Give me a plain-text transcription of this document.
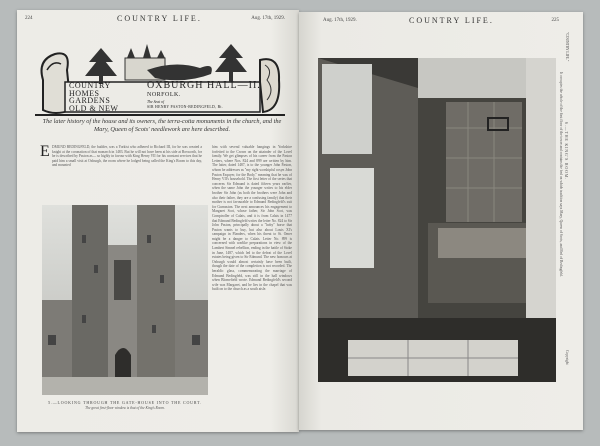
224	COUNTRY LIFE.	Aug. 17th, 1929.
COUNTRY
HOMES
GARDENS
OLD & NEW
OXBURGH HALL—II.
NORFOLK.
The Seat of
SIR HENRY PASTON-BEDINGFELD, Bt.
The later history of the house and its owners, the terra-cotta monuments in the church, and the Mary, Queen of Scots' needlework are here described.
E DMUND BEDINGFELD, the builder, was a Yorkist who adhered to Richard III, for he was created a knight at the coronation of that monarch in 1483. But he will not have been at his side at Bosworth, for he is described by Paston as— so highly in favour with King Henry VII for his constant services that he paid him a small visit at Oxburgh, the room where he lodged being called the King's Room to this day, and mounted
him with several valuable hangings in Yorkshire forfeited to the Crown on the attainder of the Lovel family. We get glimpses of his career from the Paston Letters, where Nos. 824 and 899 are written by him. The latter, dated 1487, is to the younger John Paston, whom he addresses as "my right worshipful cosyn John Paston Esquyer, for the Body," meaning that he was of Henry VII's household. The first letter of the series that concerns Sir Edmund is dated fifteen years earlier, when the same John the younger writes to his elder brother Sir John (as both the brothers were John and also their father, they are a confusing family) that their mother is not favourable to Edmund Bedingfeld's suit for Gurnaston. The next announces his engagement to Margaret Scot, whose father, Sir John Scot, was Comptroller of Calais, and it is from Calais in 1477 that Edmund Bedingfeld writes the letter No. 824 to Sir John Paston, principally about a "hoby" horse that Paston wants to buy, but also about Louis XI's campaign in Flanders, when his threat to St. Omer might be a danger to Calais. Letter No. 899 is concerned with warlike preparations in view of the Lambert Simnel rebellion, ending in the battle of Stoke in June, 1487, which led to the defeat of the Lovel estates being given to Sir Edmund. The new honours at Oxburgh would almost certainly have been built, though the date of the completion is not recorded. The heraldic glass, commemorating the marriage of Edmund Bedingfeld, was still in the hall windows when Blomefield wrote. Edmund Bedingfeld's second wife was Margaret, and he lies in the chapel that was built on to the church as a south aisle.
5.—LOOKING THROUGH THE GATE-HOUSE INTO THE COURT.
The great first-floor window is that of the King's Room.
Aug. 17th, 1929.	COUNTRY LIFE.	225
6.—THE KING'S ROOM.
It occupies the whole of the first floor of the tower and contains the bed on which tradition says Mary, Queen of Scots, and Bed of Bedingfeld.
"COUNTRY LIFE."
Copyright
